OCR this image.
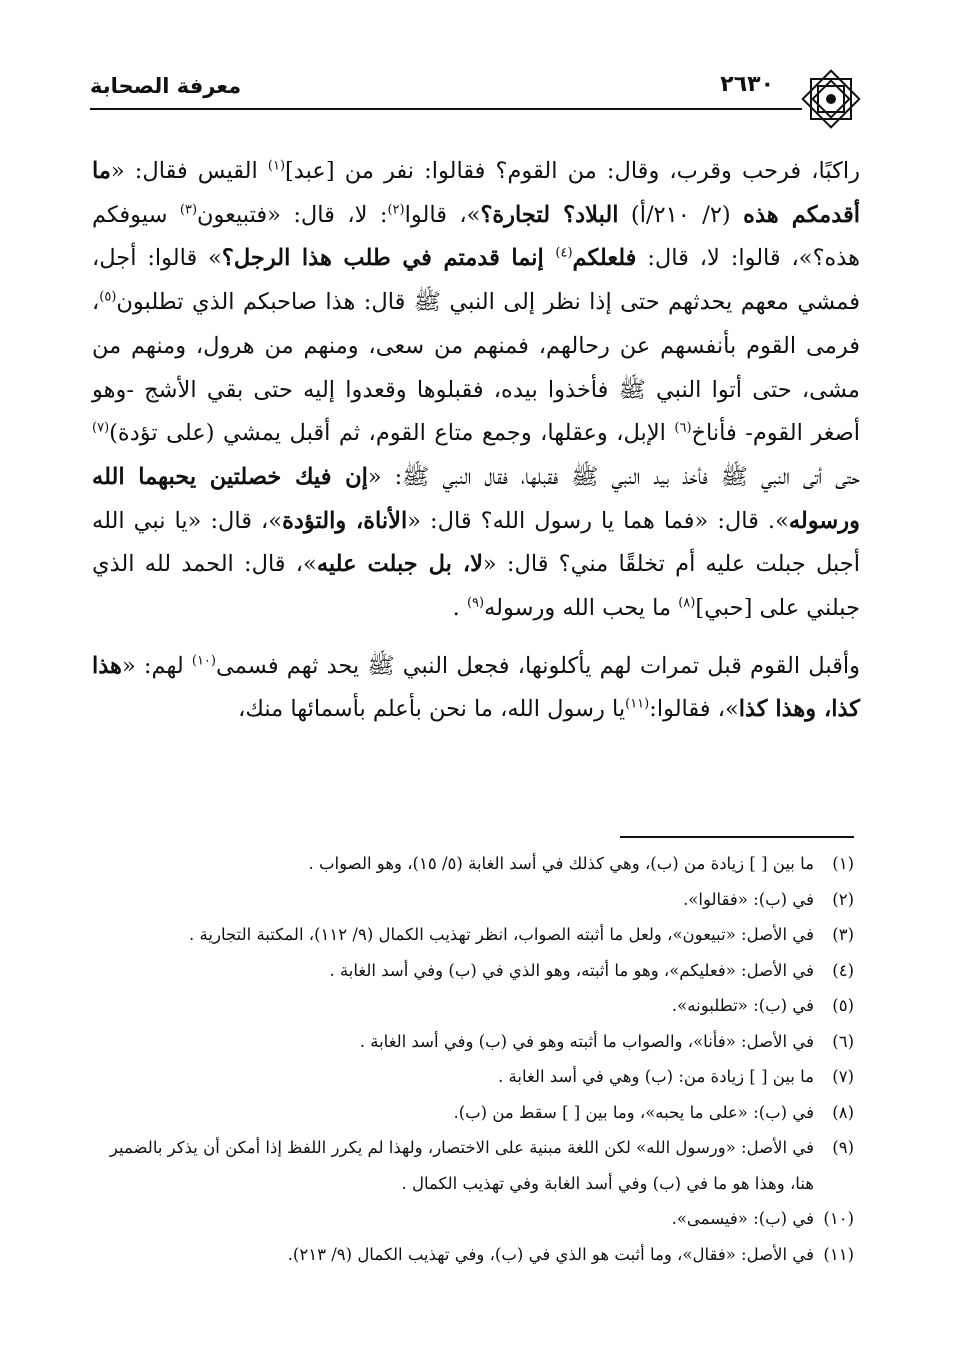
معرفة الصحابة	٢٦٣٠

راكبًا، فرحب وقرب، وقال: من القوم؟ فقالوا: نفر من [عبد]$^{(١)}$ القيس فقال: «ما أقدمكم هذه (٢/ ٢١٠/أ) البلاد؟ لتجارة؟»، قالوا$^{(٢)}$: لا، قال: «فتبيعون$^{(٣)}$ سيوفكم هذه؟»، قالوا: لا، قال: فلعلكم$^{(٤)}$ إنما قدمتم في طلب هذا الرجل؟» قالوا: أجل، فمشي معهم يحدثهم حتى إذا نظر إلى النبي ﷺ قال: هذا صاحبكم الذي تطلبون$^{(٥)}$، فرمى القوم بأنفسهم عن رحالهم، فمنهم من سعى، ومنهم من هرول، ومنهم من مشى، حتى أتوا النبي ﷺ فأخذوا بيده، فقبلوها وقعدوا إليه حتى بقي الأشج -وهو أصغر القوم- فأناخ$^{(٦)}$ الإبل، وعقلها، وجمع متاع القوم، ثم أقبل يمشي (على تؤدة)$^{(٧)}$ حتى أتى النبي ﷺ فأخذ بيد النبي ﷺ فقبلها، فقال النبي ﷺ: «إن فيك خصلتين يحبهما الله ورسوله». قال: «فما هما يا رسول الله؟ قال: «الأناة، والتؤدة»، قال: «يا نبي الله أجبل جبلت عليه أم تخلقًا مني؟ قال: «لا، بل جبلت عليه»، قال: الحمد لله الذي جبلني على [حبي]$^{(٨)}$ ما يحب الله ورسوله$^{(٩)}$ .

وأقبل القوم قبل تمرات لهم يأكلونها، فجعل النبي ﷺ يحد ثهم فسمى$^{(١٠)}$ لهم: «هذا كذا، وهذا كذا»، فقالوا:$^{(١١)}$يا رسول الله، ما نحن بأعلم بأسمائها منك،

(١)
ما بين [ ] زيادة من (ب)، وهي كذلك في أسد الغابة (٥/ ١٥)، وهو الصواب .
(٢)
في (ب): «فقالوا».
(٣)
في الأصل: «تبيعون»، ولعل ما أثبته الصواب، انظر تهذيب الكمال (٩/ ١١٢)، المكتبة التجارية .
(٤)
في الأصل: «فعليكم»، وهو ما أثبته، وهو الذي في (ب) وفي أسد الغابة .
(٥)
في (ب): «تطلبونه».
(٦)
في الأصل: «فأنا»، والصواب ما أثبته وهو في (ب) وفي أسد الغابة .
(٧)
ما بين [ ] زيادة من: (ب) وهي في أسد الغابة .
(٨)
في (ب): «على ما يحبه»، وما بين [ ] سقط من (ب).
(٩)
في الأصل: «ورسول الله» لكن اللغة مبنية على الاختصار، ولهذا لم يكرر اللفظ إذا أمكن أن يذكر بالضمير هنا، وهذا هو ما في (ب) وفي أسد الغابة وفي تهذيب الكمال .
(١٠)
في (ب): «فيسمى».
(١١)
في الأصل: «فقال»، وما أثبت هو الذي في (ب)، وفي تهذيب الكمال (٩/ ٢١٣).
